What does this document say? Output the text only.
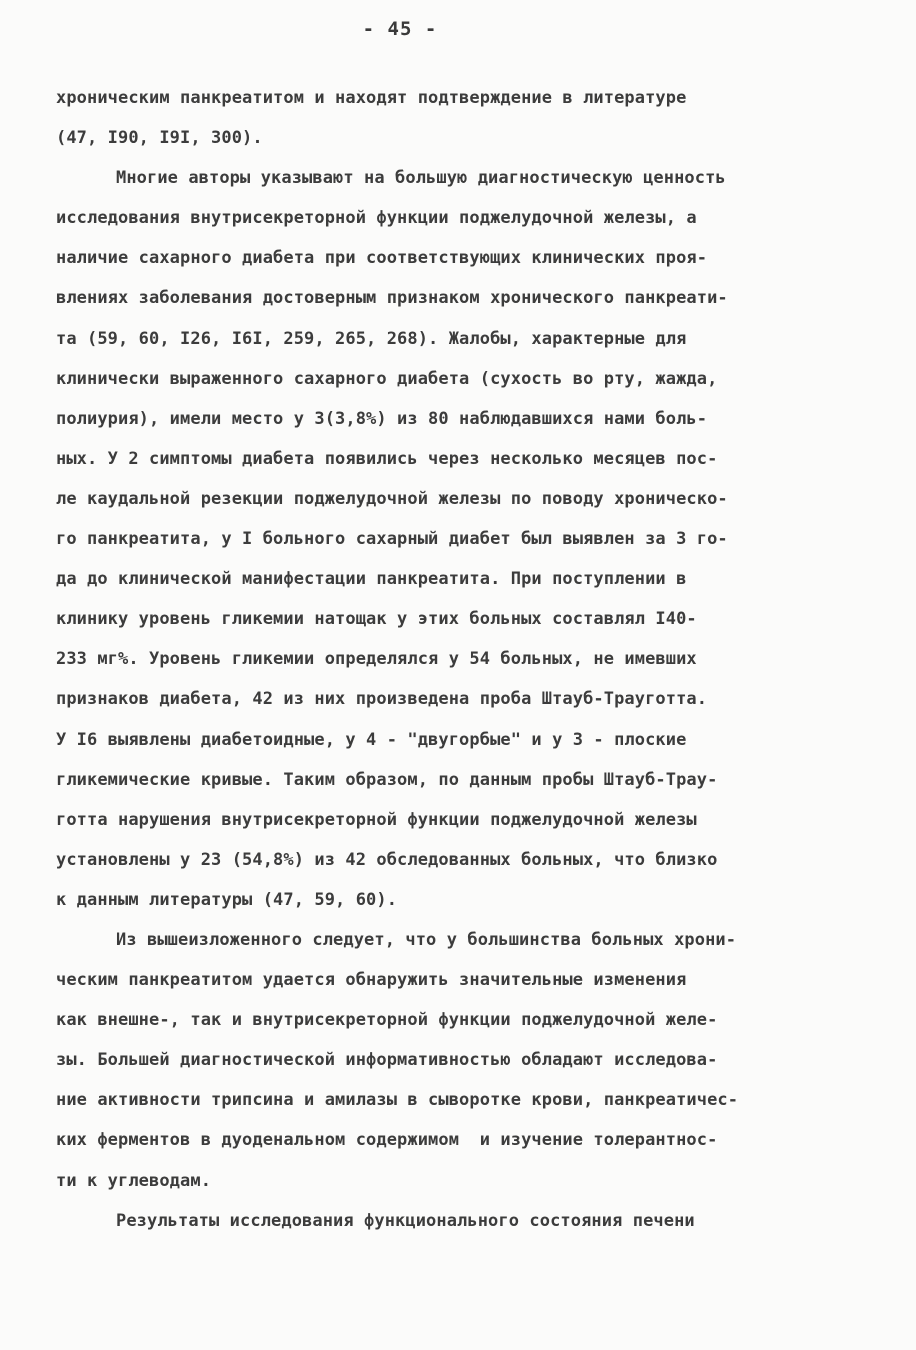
- 45 -
хроническим панкреатитом и находят подтверждение в литературе
(47, I90, I9I, 300).
Многие авторы указывают на большую диагностическую ценность
исследования внутрисекреторной функции поджелудочной железы, а
наличие сахарного диабета при соответствующих клинических проя-
влениях заболевания достоверным признаком хронического панкреати-
та (59, 60, I26, I6I, 259, 265, 268). Жалобы, характерные для
клинически выраженного сахарного диабета (сухость во рту, жажда,
полиурия), имели место у 3(3,8%) из 80 наблюдавшихся нами боль-
ных. У 2 симптомы диабета появились через несколько месяцев пос-
ле каудальной резекции поджелудочной железы по поводу хроническо-
го панкреатита, у I больного сахарный диабет был выявлен за 3 го-
да до клинической манифестации панкреатита. При поступлении в
клинику уровень гликемии натощак у этих больных составлял I40-
233 мг%. Уровень гликемии определялся у 54 больных, не имевших
признаков диабета, 42 из них произведена проба Штауб-Трауготта.
У I6 выявлены диабетоидные, у 4 - "двугорбые" и у 3 - плоские
гликемические кривые. Таким образом, по данным пробы Штауб-Трау-
готта нарушения внутрисекреторной функции поджелудочной железы
установлены у 23 (54,8%) из 42 обследованных больных, что близко
к данным литературы (47, 59, 60).
Из вышеизложенного следует, что у большинства больных хрони-
ческим панкреатитом удается обнаружить значительные изменения
как внешне-, так и внутрисекреторной функции поджелудочной желе-
зы. Большей диагностической информативностью обладают исследова-
ние активности трипсина и амилазы в сыворотке крови, панкреатичес-
ких ферментов в дуоденальном содержимом  и изучение толерантнос-
ти к углеводам.
Результаты исследования функционального состояния печени
